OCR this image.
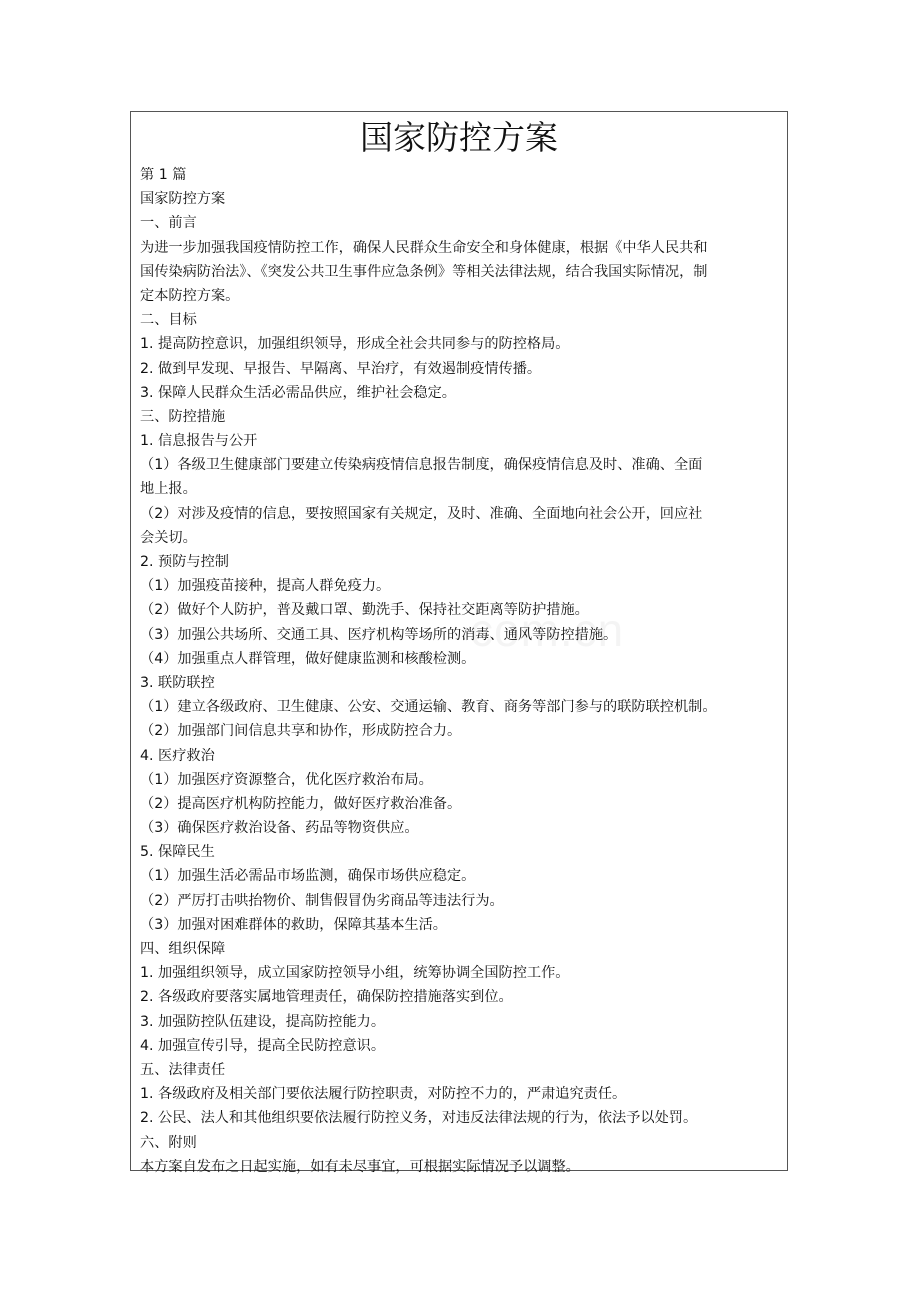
国家防控方案
第 1 篇
国家防控方案
一、前言
为进一步加强我国疫情防控工作，确保人民群众生命安全和身体健康，根据《中华人民共和
国传染病防治法》、《突发公共卫生事件应急条例》等相关法律法规，结合我国实际情况，制
定本防控方案。
二、目标
1. 提高防控意识，加强组织领导，形成全社会共同参与的防控格局。
2. 做到早发现、早报告、早隔离、早治疗，有效遏制疫情传播。
3. 保障人民群众生活必需品供应，维护社会稳定。
三、防控措施
1. 信息报告与公开
（1）各级卫生健康部门要建立传染病疫情信息报告制度，确保疫情信息及时、准确、全面
地上报。
（2）对涉及疫情的信息，要按照国家有关规定，及时、准确、全面地向社会公开，回应社
会关切。
2. 预防与控制
（1）加强疫苗接种，提高人群免疫力。
（2）做好个人防护，普及戴口罩、勤洗手、保持社交距离等防护措施。
（3）加强公共场所、交通工具、医疗机构等场所的消毒、通风等防控措施。
（4）加强重点人群管理，做好健康监测和核酸检测。
3. 联防联控
（1）建立各级政府、卫生健康、公安、交通运输、教育、商务等部门参与的联防联控机制。
（2）加强部门间信息共享和协作，形成防控合力。
4. 医疗救治
（1）加强医疗资源整合，优化医疗救治布局。
（2）提高医疗机构防控能力，做好医疗救治准备。
（3）确保医疗救治设备、药品等物资供应。
5. 保障民生
（1）加强生活必需品市场监测，确保市场供应稳定。
（2）严厉打击哄抬物价、制售假冒伪劣商品等违法行为。
（3）加强对困难群体的救助，保障其基本生活。
四、组织保障
1. 加强组织领导，成立国家防控领导小组，统筹协调全国防控工作。
2. 各级政府要落实属地管理责任，确保防控措施落实到位。
3. 加强防控队伍建设，提高防控能力。
4. 加强宣传引导，提高全民防控意识。
五、法律责任
1. 各级政府及相关部门要依法履行防控职责，对防控不力的，严肃追究责任。
2. 公民、法人和其他组织要依法履行防控义务，对违反法律法规的行为，依法予以处罚。
六、附则
本方案自发布之日起实施，如有未尽事宜，可根据实际情况予以调整。
